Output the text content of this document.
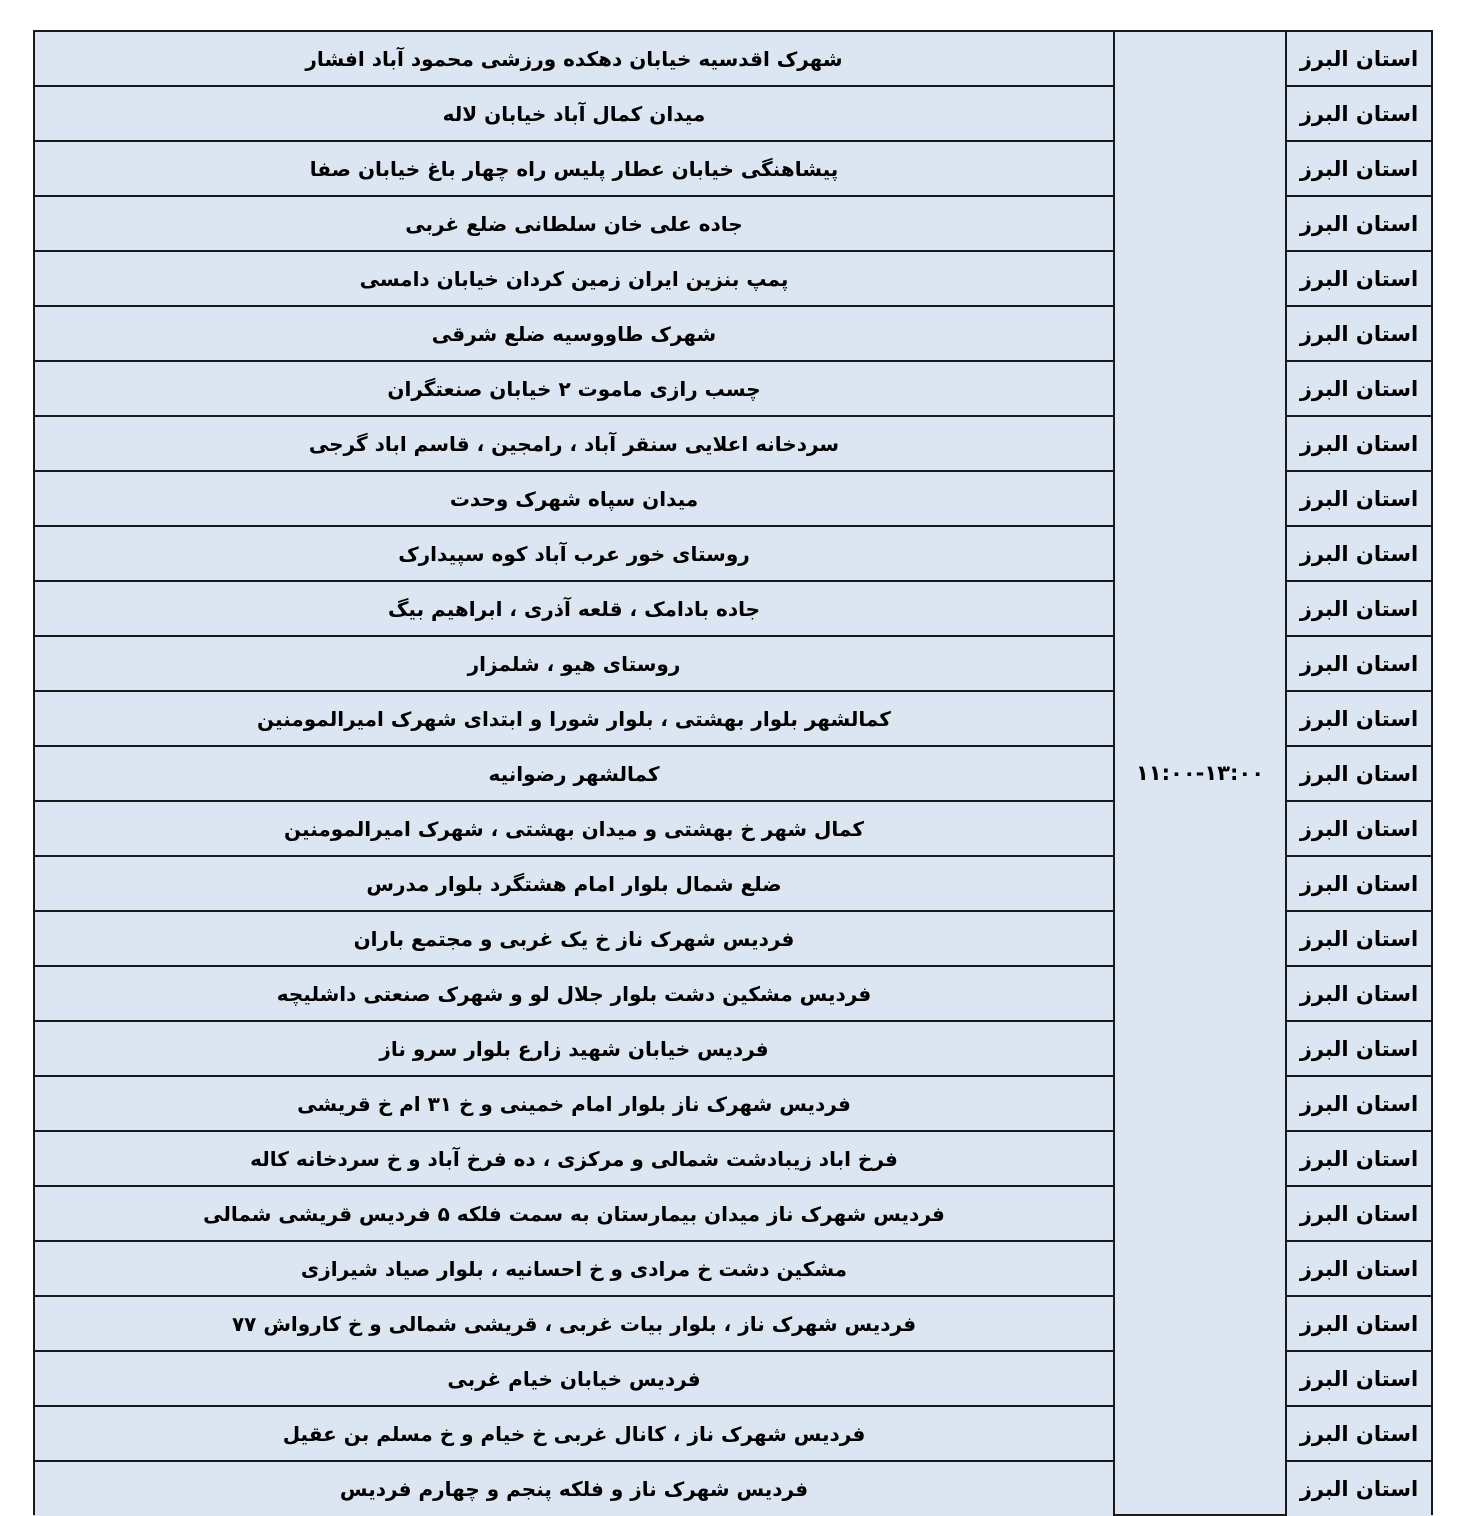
استان البرز	۱۱:۰۰-۱۳:۰۰	شهرک اقدسیه خیابان دهکده ورزشی محمود آباد افشار
استان البرز		میدان کمال آباد خیابان لاله
استان البرز		پیشاهنگی خیابان عطار پلیس راه چهار باغ خیابان صفا
استان البرز		جاده علی خان سلطانی ضلع غربی
استان البرز		پمپ بنزین ایران زمین کردان خیابان دامسی
استان البرز		شهرک طاووسیه ضلع شرقی
استان البرز		چسب رازی ماموت ۲ خیابان صنعتگران
استان البرز		سردخانه اعلایی سنقر آباد ، رامجین ، قاسم اباد گرجی
استان البرز		میدان سپاه شهرک وحدت
استان البرز		روستای خور عرب آباد کوه سپیدارک
استان البرز		جاده بادامک ، قلعه آذری ، ابراهیم بیگ
استان البرز		روستای هیو ، شلمزار
استان البرز		کمالشهر بلوار بهشتی ، بلوار شورا و ابتدای شهرک امیرالمومنین
استان البرز		کمالشهر رضوانیه
استان البرز		کمال شهر خ بهشتی و میدان بهشتی ، شهرک امیرالمومنین
استان البرز		ضلع شمال بلوار امام هشتگرد بلوار مدرس
استان البرز		فردیس شهرک ناز خ یک غربی و مجتمع باران
استان البرز		فردیس مشکین دشت بلوار جلال لو و شهرک صنعتی داشلیچه
استان البرز		فردیس خیابان شهید زارع بلوار سرو ناز
استان البرز		فردیس شهرک ناز بلوار امام خمینی و خ ۳۱ ام خ قریشی
استان البرز		فرخ اباد زیبادشت شمالی و مرکزی ، ده فرخ آباد و خ سردخانه کاله
استان البرز		فردیس شهرک ناز میدان بیمارستان به سمت فلکه ۵ فردیس قریشی شمالی
استان البرز		مشکین دشت خ مرادی و خ احسانیه ، بلوار صیاد شیرازی
استان البرز		فردیس شهرک ناز ، بلوار بیات غربی ، قریشی شمالی و خ کارواش ۷۷
استان البرز		فردیس خیابان خیام غربی
استان البرز		فردیس شهرک ناز ، کانال غربی خ خیام و خ مسلم بن عقیل
استان البرز		فردیس شهرک ناز و فلکه پنجم و چهارم فردیس
